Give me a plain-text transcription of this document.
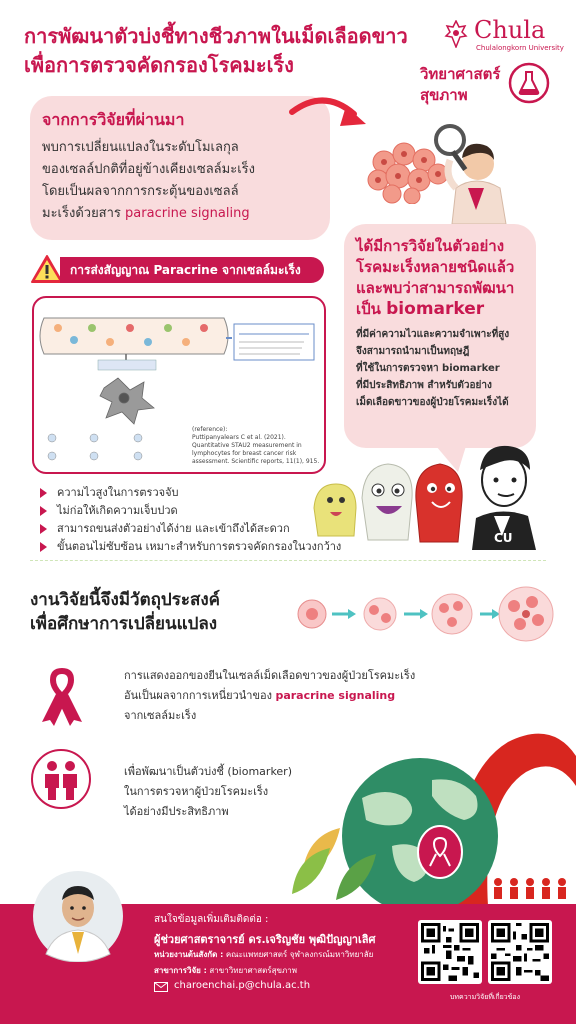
การพัฒนาตัวบ่งชี้ทางชีวภาพในเม็ดเลือดขาว
เพื่อการตรวจคัดกรองโรคมะเร็ง
Chula
Chulalongkorn University
วิทยาศาสตร์
สุขภาพ
จากการวิจัยที่ผ่านมา
พบการเปลี่ยนแปลงในระดับโมเลกุล
ของเซลล์ปกติที่อยู่ข้างเคียงเซลล์มะเร็ง
โดยเป็นผลจากการกระตุ้นของเซลล์
มะเร็งด้วยสาร paracrine signaling
การส่งสัญญาณ Paracrine จากเซลล์มะเร็ง
(reference):
Puttipanyalears C et al. (2021). Quantitative STAU2 measurement in lymphocytes for breast cancer risk assessment. Scientific reports, 11(1), 915.
ได้มีการวิจัยในตัวอย่าง
โรคมะเร็งหลายชนิดแล้ว
และพบว่าสามารถพัฒนา
เป็น biomarker
ที่มีค่าความไวและความจำเพาะที่สูง
จึงสามารถนำมาเป็นทฤษฎี
ที่ใช้ในการตรวจหา biomarker
ที่มีประสิทธิภาพ สำหรับตัวอย่าง
เม็ดเลือดขาวของผู้ป่วยโรคมะเร็งได้
ความไวสูงในการตรวจจับ
ไม่ก่อให้เกิดความเจ็บปวด
สามารถขนส่งตัวอย่างได้ง่าย และเข้าถึงได้สะดวก
ขั้นตอนไม่ซับซ้อน เหมาะสำหรับการตรวจคัดกรองในวงกว้าง
CU
งานวิจัยนี้จึงมีวัตถุประสงค์
เพื่อศึกษาการเปลี่ยนแปลง
การแสดงออกของยีนในเซลล์เม็ดเลือดขาวของผู้ป่วยโรคมะเร็ง
อันเป็นผลจากการเหนี่ยวนำของ paracrine signaling
จากเซลล์มะเร็ง
เพื่อพัฒนาเป็นตัวบ่งชี้ (biomarker)
ในการตรวจหาผู้ป่วยโรคมะเร็ง
ได้อย่างมีประสิทธิภาพ
สนใจข้อมูลเพิ่มเติมติดต่อ :
ผู้ช่วยศาสตราจารย์ ดร.เจริญชัย พุฒิปัญญาเลิศ
หน่วยงานต้นสังกัด : คณะแพทยศาสตร์ จุฬาลงกรณ์มหาวิทยาลัย
สาขาการวิจัย : สาขาวิทยาศาสตร์สุขภาพ
charoenchai.p@chula.ac.th
บทความวิจัยที่เกี่ยวข้อง
